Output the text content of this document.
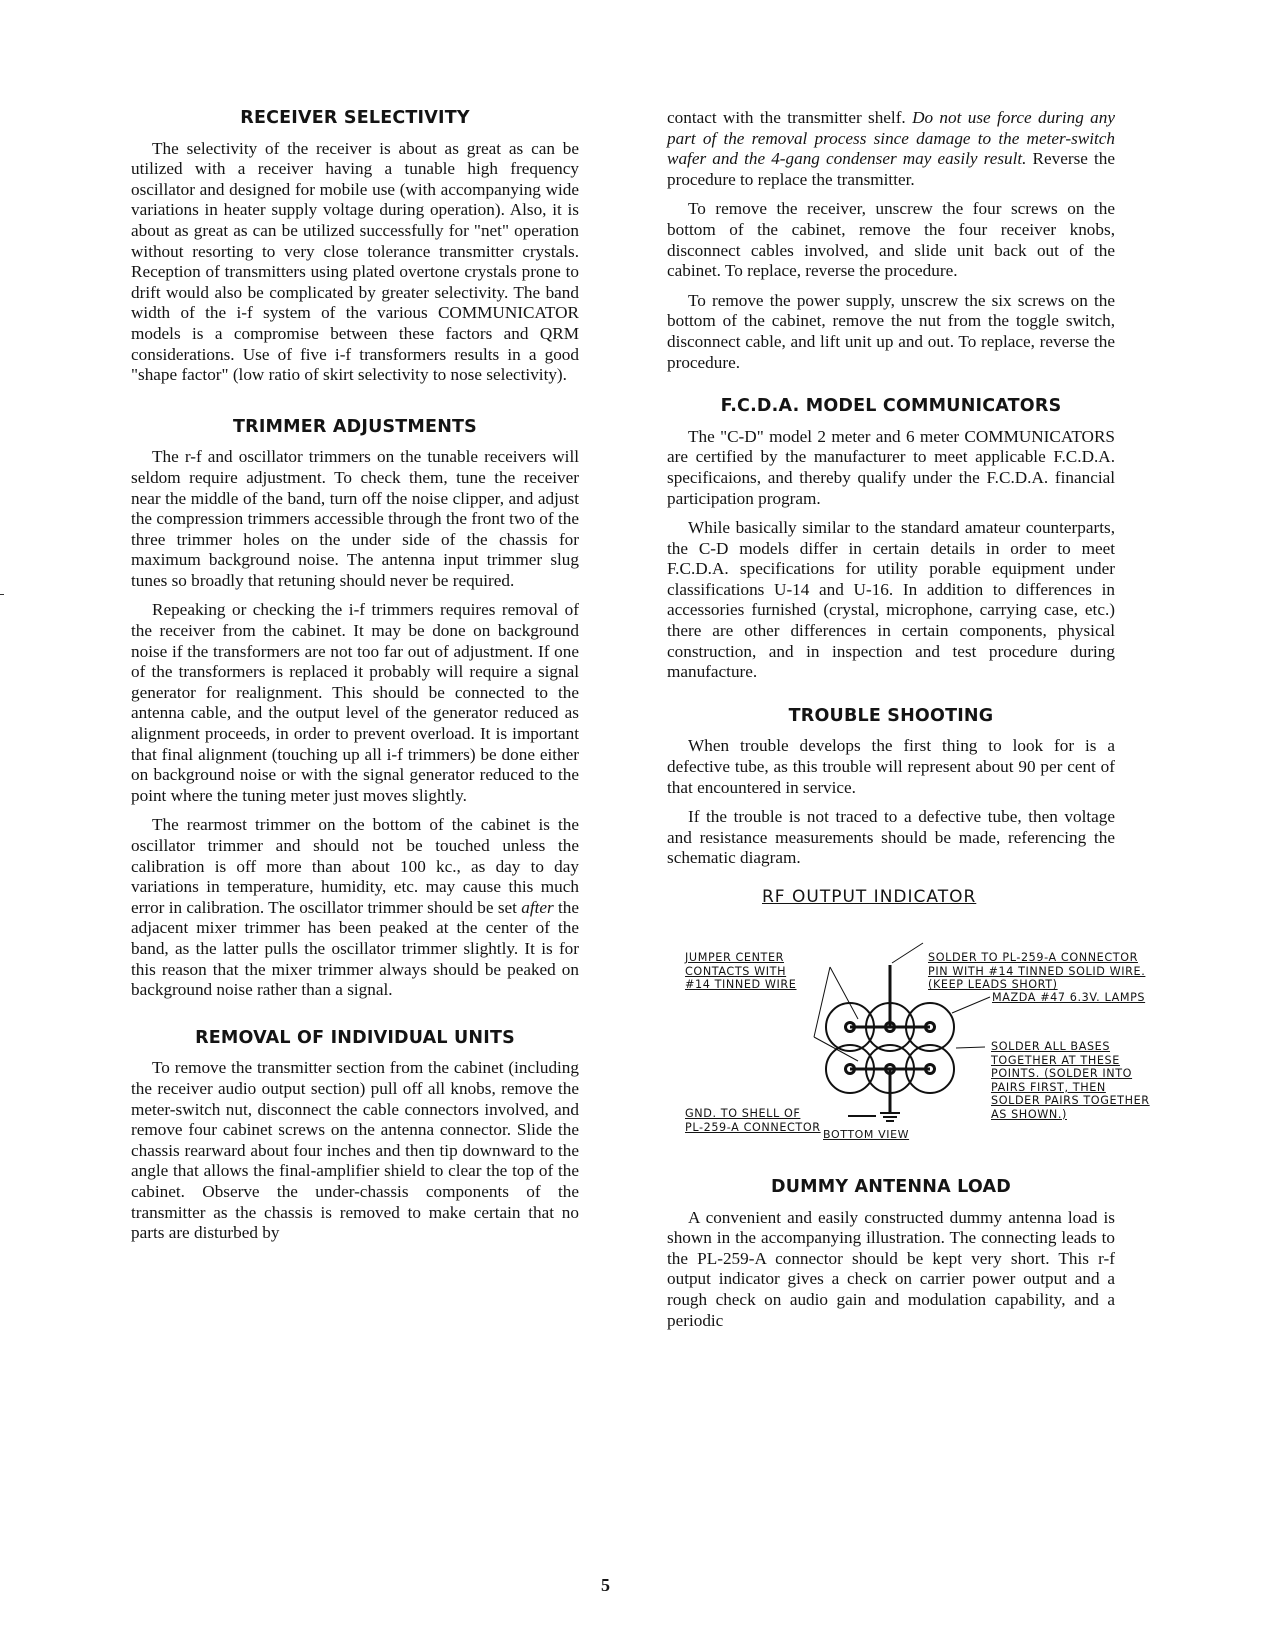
RECEIVER SELECTIVITY

The selectivity of the receiver is about as great as can be utilized with a receiver having a tunable high frequency oscillator and designed for mobile use (with accompanying wide variations in heater supply voltage during operation). Also, it is about as great as can be utilized successfully for "net" operation without resorting to very close tolerance transmitter crystals. Reception of transmitters using plated overtone crystals prone to drift would also be complicated by greater selectivity. The band width of the i-f system of the various COMMUNICATOR models is a compromise between these factors and QRM considerations. Use of five i-f transformers results in a good "shape factor" (low ratio of skirt selectivity to nose selectivity).

TRIMMER ADJUSTMENTS

The r-f and oscillator trimmers on the tunable receivers will seldom require adjustment. To check them, tune the receiver near the middle of the band, turn off the noise clipper, and adjust the compression trimmers accessible through the front two of the three trimmer holes on the under side of the chassis for maximum background noise. The antenna input trimmer slug tunes so broadly that retuning should never be required.

Repeaking or checking the i-f trimmers requires removal of the receiver from the cabinet. It may be done on background noise if the transformers are not too far out of adjustment. If one of the transformers is replaced it probably will require a signal generator for realignment. This should be connected to the antenna cable, and the output level of the generator reduced as alignment proceeds, in order to prevent overload. It is important that final alignment (touching up all i-f trimmers) be done either on background noise or with the signal generator reduced to the point where the tuning meter just moves slightly.

The rearmost trimmer on the bottom of the cabinet is the oscillator trimmer and should not be touched unless the calibration is off more than about 100 kc., as day to day variations in temperature, humidity, etc. may cause this much error in calibration. The oscillator trimmer should be set after the adjacent mixer trimmer has been peaked at the center of the band, as the latter pulls the oscillator trimmer slightly. It is for this reason that the mixer trimmer always should be peaked on background noise rather than a signal.

REMOVAL OF INDIVIDUAL UNITS

To remove the transmitter section from the cabinet (including the receiver audio output section) pull off all knobs, remove the meter-switch nut, disconnect the cable connectors involved, and remove four cabinet screws on the antenna connector. Slide the chassis rearward about four inches and then tip downward to the angle that allows the final-amplifier shield to clear the top of the cabinet. Observe the under-chassis components of the transmitter as the chassis is removed to make certain that no parts are disturbed by

contact with the transmitter shelf. Do not use force during any part of the removal process since damage to the meter-switch wafer and the 4-gang condenser may easily result. Reverse the procedure to replace the transmitter.

To remove the receiver, unscrew the four screws on the bottom of the cabinet, remove the four receiver knobs, disconnect cables involved, and slide unit back out of the cabinet. To replace, reverse the procedure.

To remove the power supply, unscrew the six screws on the bottom of the cabinet, remove the nut from the toggle switch, disconnect cable, and lift unit up and out. To replace, reverse the procedure.

F.C.D.A. MODEL COMMUNICATORS

The "C-D" model 2 meter and 6 meter COMMUNICATORS are certified by the manufacturer to meet applicable F.C.D.A. specificaions, and thereby qualify under the F.C.D.A. financial participation program.

While basically similar to the standard amateur counterparts, the C-D models differ in certain details in order to meet F.C.D.A. specifications for utility porable equipment under classifications U-14 and U-16. In addition to differences in accessories furnished (crystal, microphone, carrying case, etc.) there are other differences in certain components, physical construction, and in inspection and test procedure during manufacture.

TROUBLE SHOOTING

When trouble develops the first thing to look for is a defective tube, as this trouble will represent about 90 per cent of that encountered in service.

If the trouble is not traced to a defective tube, then voltage and resistance measurements should be made, referencing the schematic diagram.

RF OUTPUT INDICATOR
JUMPER CENTER
CONTACTS WITH
#14 TINNED WIRE
SOLDER TO PL-259-A CONNECTOR
PIN WITH #14 TINNED SOLID WIRE.
(KEEP LEADS SHORT)
MAZDA #47 6.3V. LAMPS
SOLDER ALL BASES
TOGETHER AT THESE
POINTS. (SOLDER INTO
PAIRS FIRST, THEN
SOLDER PAIRS TOGETHER
AS SHOWN.)
GND. TO SHELL OF
PL-259-A CONNECTOR
BOTTOM VIEW
DUMMY ANTENNA LOAD

A convenient and easily constructed dummy antenna load is shown in the accompanying illustration. The connecting leads to the PL-259-A connector should be kept very short. This r-f output indicator gives a check on carrier power output and a rough check on audio gain and modulation capability, and a periodic

5
